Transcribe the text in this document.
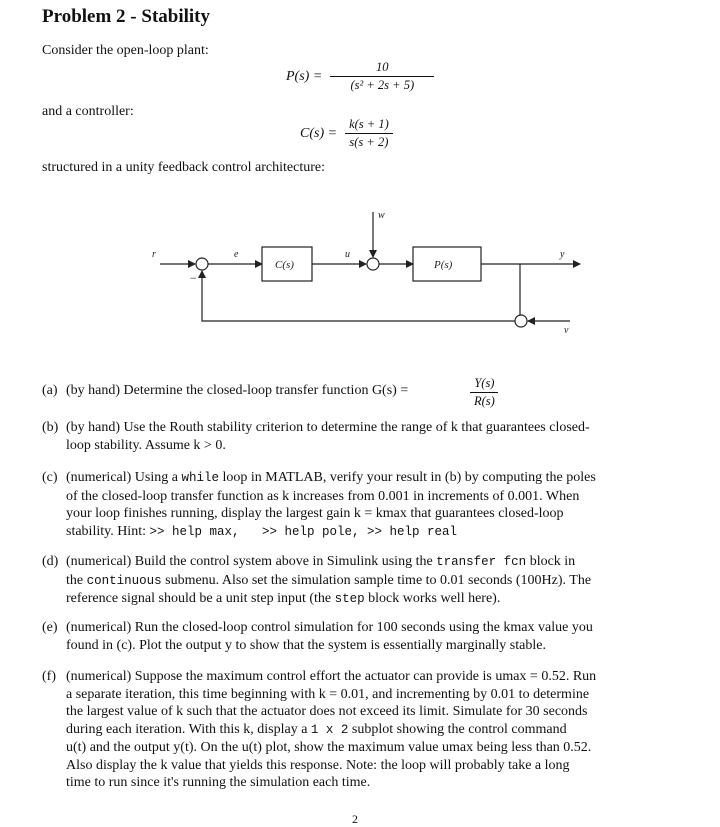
Problem 2 - Stability
Consider the open-loop plant:
$P(s) = \frac{10}{\text{(s² + 2s + 5)}}$
and a controller:
$C(s) = \frac{k(s + 1)}{s(s + 2)}$
structured in a unity feedback control architecture:
r	e
−
C(s)
u
w
P(s)
y
v
(a) (by hand) Determine the closed-loop transfer function G(s) =	$\frac{Y(s)}{R(s)}$
(b) (by hand) Use the Routh stability criterion to determine the range of k that guarantees closed-
loop stability. Assume k > 0.
(c) (numerical) Using a while loop in MATLAB, verify your result in (b) by computing the poles
of the closed-loop transfer function as k increases from 0.001 in increments of 0.001. When
your loop finishes running, display the largest gain k = kmax that guarantees closed-loop
stability. Hint: >> help max,   >> help pole, >> help real
(d) (numerical) Build the control system above in Simulink using the transfer fcn block in
the continuous submenu. Also set the simulation sample time to 0.01 seconds (100Hz). The
reference signal should be a unit step input (the step block works well here).
(e) (numerical) Run the closed-loop control simulation for 100 seconds using the kmax value you
found in (c). Plot the output y to show that the system is essentially marginally stable.
(f) (numerical) Suppose the maximum control effort the actuator can provide is umax = 0.52. Run
a separate iteration, this time beginning with k = 0.01, and incrementing by 0.01 to determine
the largest value of k such that the actuator does not exceed its limit. Simulate for 30 seconds
during each iteration. With this k, display a 1 x 2 subplot showing the control command
u(t) and the output y(t). On the u(t) plot, show the maximum value umax being less than 0.52.
Also display the k value that yields this response. Note: the loop will probably take a long
time to run since it's running the simulation each time.
2
